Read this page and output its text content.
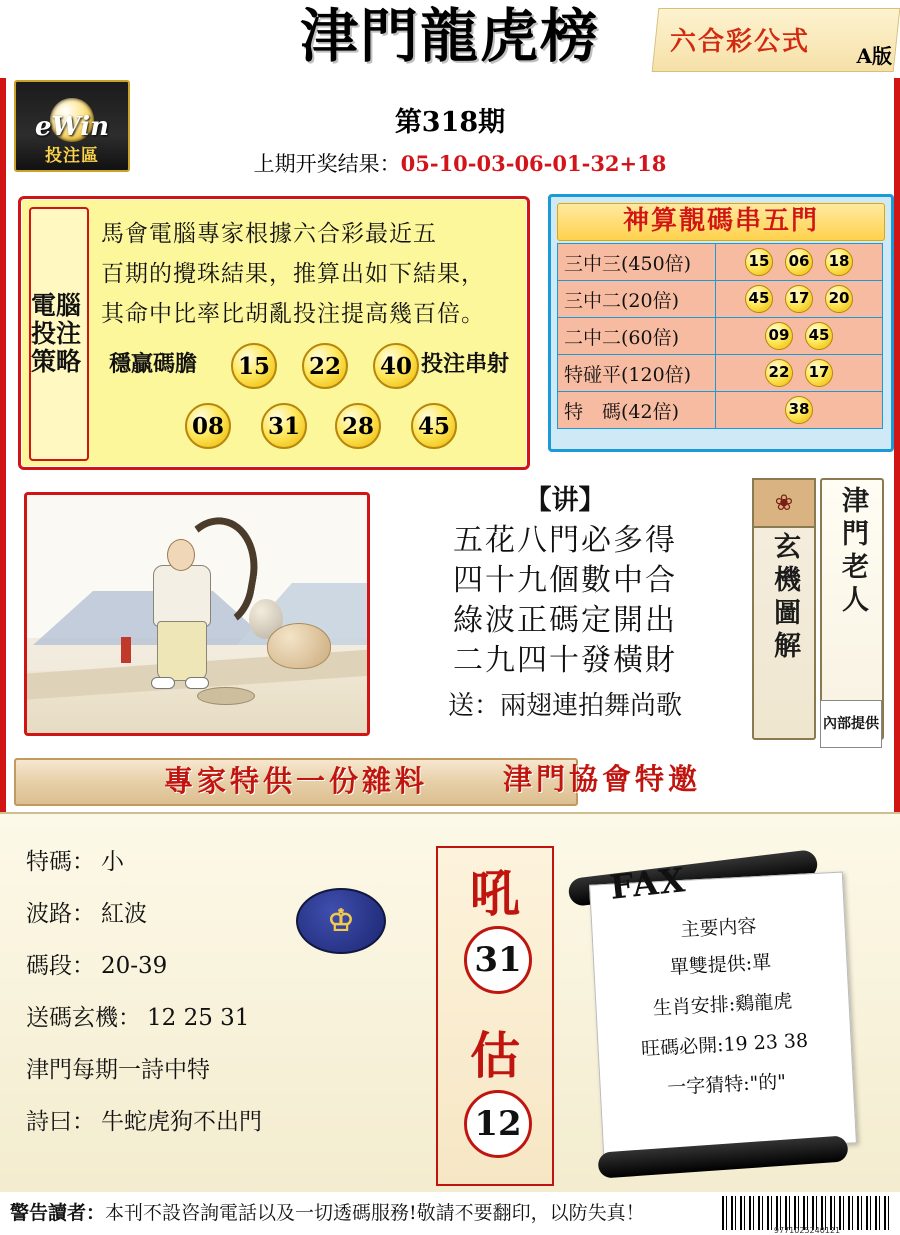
津門龍虎榜	六合彩公式 A版
eWin
投注區
第318期
上期开奖结果：05-10-03-06-01-32+18
電腦投注策略
馬會電腦專家根據六合彩最近五
百期的攪珠結果，推算出如下結果，
其命中比率比胡亂投注提高幾百倍。
穩贏碼膽	投注串射
15	22	40
08	31	28	45
神算靚碼串五門
三中三(450倍)	15 06 18
三中二(20倍)	45 17 20
二中二(60倍)	09 45
特碰平(120倍)	22 17
特　碼(42倍)	38
【讲】
五花八門必多得
四十九個數中合
綠波正碼定開出
二九四十發橫財
送：兩翅連拍舞尚歌
玄機圖解
❀	津門老人
內部提供
專家特供一份雜料	津門協會特邀
特碼： 小
波路： 紅波
碼段： 20-39
送碼玄機： 12 25 31
津門每期一詩中特
詩曰： 牛蛇虎狗不出門
♔	吼
31
估
12
主要内容
單雙提供:單
生肖安排:鷄龍虎
旺碼必開:19 23 38
一字猜特:"的"
FAX
警告讀者：本刊不設咨詢電話以及一切透碼服務!敬請不要翻印，以防失真！
9771025240121
